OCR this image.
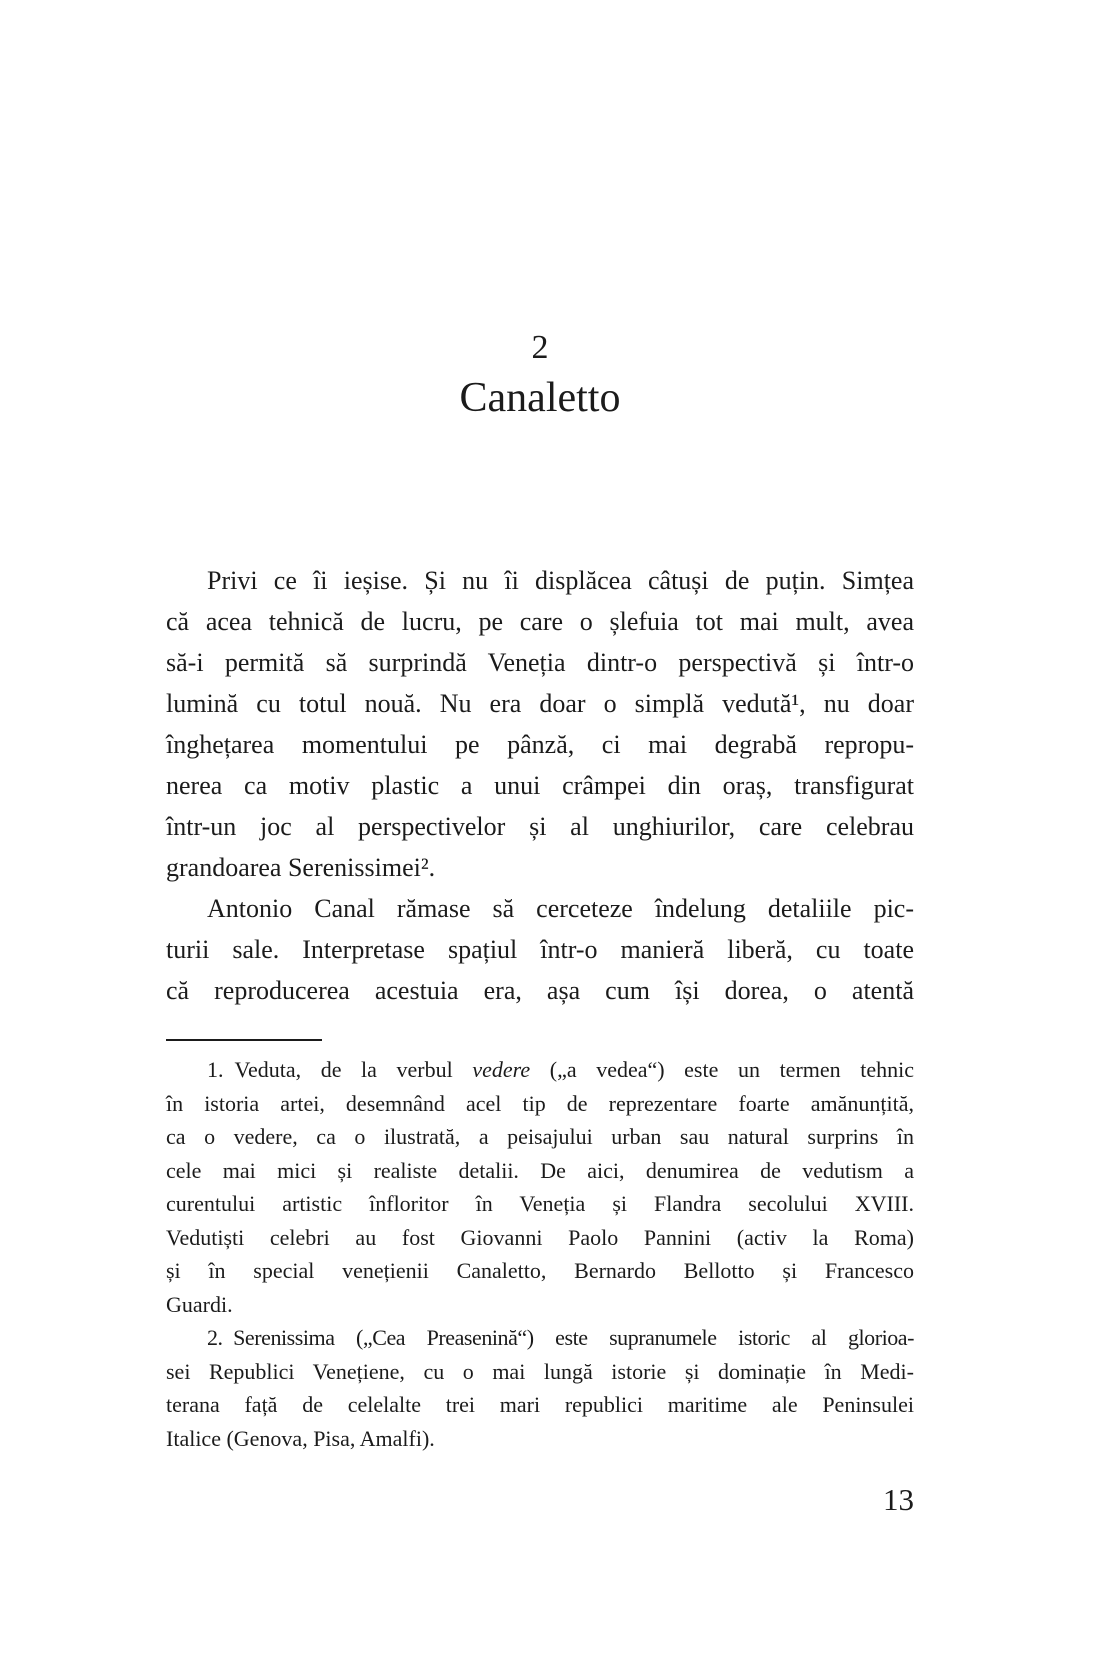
2
Canaletto
Privi ce îi ieșise. Și nu îi displăcea câtuși de puțin. Simțea
că acea tehnică de lucru, pe care o șlefuia tot mai mult, avea
să-i permită să surprindă Veneția dintr-o perspectivă și într-o
lumină cu totul nouă. Nu era doar o simplă vedută¹, nu doar
înghețarea momentului pe pânză, ci mai degrabă repropu-
nerea ca motiv plastic a unui crâmpei din oraș, transfigurat
într-un joc al perspectivelor și al unghiurilor, care celebrau
grandoarea Serenissimei².
Antonio Canal rămase să cerceteze îndelung detaliile pic-
turii sale. Interpretase spațiul într-o manieră liberă, cu toate
că reproducerea acestuia era, așa cum își dorea, o atentă
1. Veduta, de la verbul vedere („a vedea“) este un termen tehnic
în istoria artei, desemnând acel tip de reprezentare foarte amănunțită,
ca o vedere, ca o ilustrată, a peisajului urban sau natural surprins în
cele mai mici și realiste detalii. De aici, denumirea de vedutism a
curentului artistic înfloritor în Veneția și Flandra secolului XVIII.
Vedutiști celebri au fost Giovanni Paolo Pannini (activ la Roma)
și în special venețienii Canaletto, Bernardo Bellotto și Francesco
Guardi.
2. Serenissima („Cea Preasenină“) este supranumele istoric al glorioa-
sei Republici Venețiene, cu o mai lungă istorie și dominație în Medi-
terana față de celelalte trei mari republici maritime ale Peninsulei
Italice (Genova, Pisa, Amalfi).
13
